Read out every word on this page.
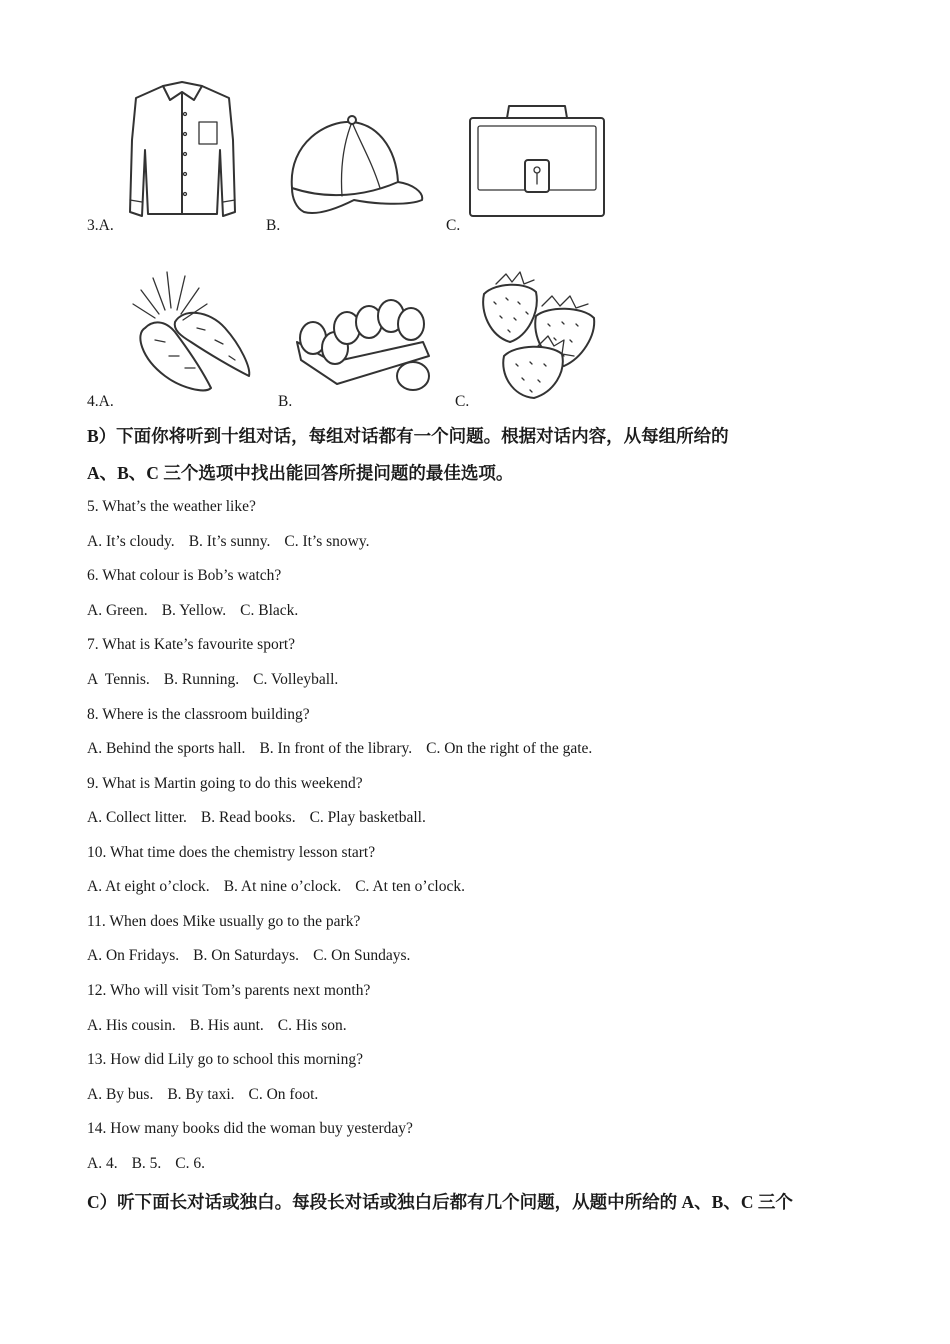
3.A.	B.	C.
4.A.	B.	C.
B）下面你将听到十组对话，每组对话都有一个问题。根据对话内容，从每组所给的
A、B、C 三个选项中找出能回答所提问题的最佳选项。
5. What’s the weather like?
A. It’s cloudy. B. It’s sunny. C. It’s snowy.
6. What colour is Bob’s watch?
A. Green. B. Yellow. C. Black.
7. What is Kate’s favourite sport?
A  Tennis. B. Running. C. Volleyball.
8. Where is the classroom building?
A. Behind the sports hall. B. In front of the library. C. On the right of the gate.
9. What is Martin going to do this weekend?
A. Collect litter. B. Read books. C. Play basketball.
10. What time does the chemistry lesson start?
A. At eight o’clock. B. At nine o’clock. C. At ten o’clock.
11. When does Mike usually go to the park?
A. On Fridays. B. On Saturdays. C. On Sundays.
12. Who will visit Tom’s parents next month?
A. His cousin. B. His aunt. C. His son.
13. How did Lily go to school this morning?
A. By bus. B. By taxi. C. On foot.
14. How many books did the woman buy yesterday?
A. 4. B. 5. C. 6.
C）听下面长对话或独白。每段长对话或独白后都有几个问题，从题中所给的 A、B、C 三个
